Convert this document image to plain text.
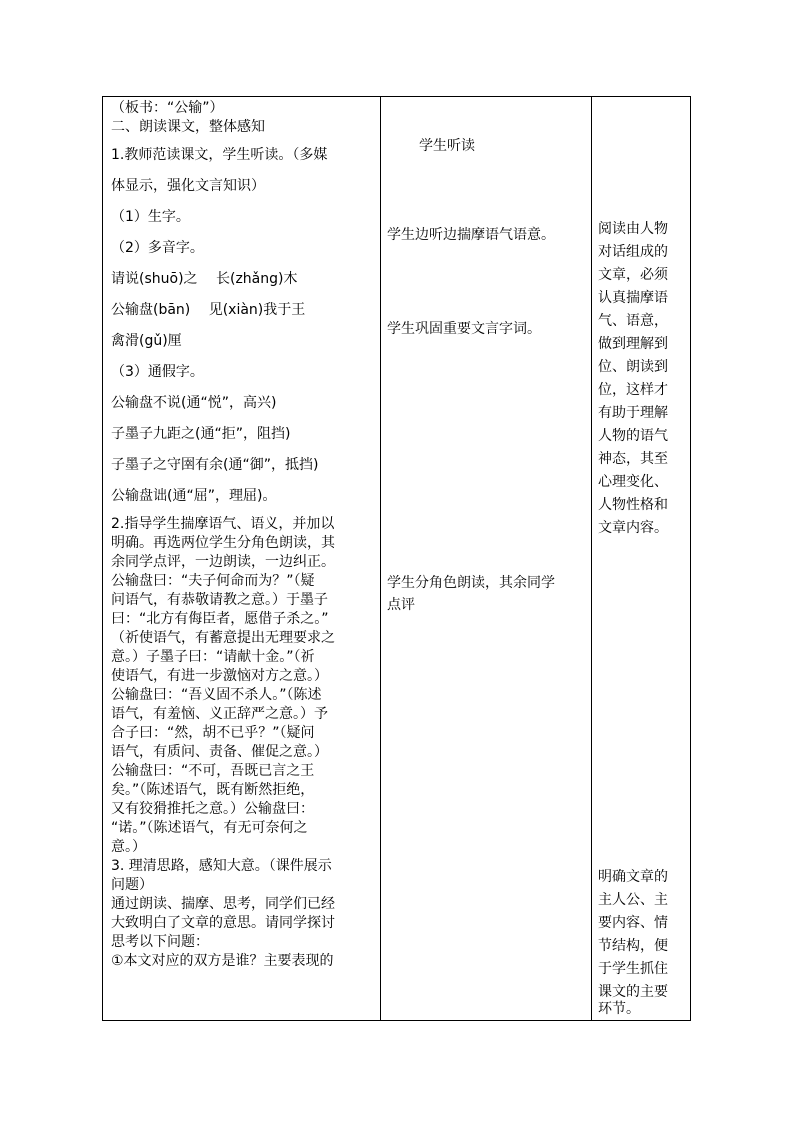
（板书：“公输”）
二、朗读课文，整体感知
1.教师范读课文，学生听读。（多媒
体显示，强化文言知识）
（1）生字。
（2）多音字。
请说(shuō)之　 长(zhǎng)木
公输盘(bān)　 见(xiàn)我于王
禽滑(gǔ)厘
（3）通假字。
公输盘不说(通“悦”，高兴)
子墨子九距之(通“拒”，阻挡)
子墨子之守圉有余(通“御”，抵挡)
公输盘诎(通“屈”，理屈)。
2.指导学生揣摩语气、语义，并加以
明确。再选两位学生分角色朗读，其
余同学点评，一边朗读，一边纠正。
公输盘曰：“夫子何命而为？”（疑
问语气，有恭敬请教之意。）于墨子
曰：“北方有侮臣者，愿借子杀之。”
（祈使语气，有蓄意提出无理要求之
意。）子墨子曰：“请献十金。”（祈
使语气，有进一步激恼对方之意。）
公输盘曰：“吾义固不杀人。”（陈述
语气，有羞恼、义正辞严之意。）予
合子曰：“然，胡不已乎？”（疑问
语气，有质问、责备、催促之意。）
公输盘曰：“不可，吾既已言之王
矣。”（陈述语气，既有断然拒绝，
又有狡猾推托之意。）公输盘曰：
“诺。”（陈述语气，有无可奈何之
意。）
3. 理清思路，感知大意。（课件展示
问题）
通过朗读、揣摩、思考，同学们已经
大致明白了文章的意思。请同学探讨
思考以下问题：
①本文对应的双方是谁？主要表现的
学生听读
学生边听边揣摩语气语意。
学生巩固重要文言字词。
学生分角色朗读，其余同学
点评
阅读由人物
对话组成的
文章，必须
认真揣摩语
气、语意，
做到理解到
位、朗读到
位，这样才
有助于理解
人物的语气
神态，其至
心理变化、
人物性格和
文章内容。
明确文章的
主人公、主
要内容、情
节结构，便
于学生抓住
课文的主要
环节。
